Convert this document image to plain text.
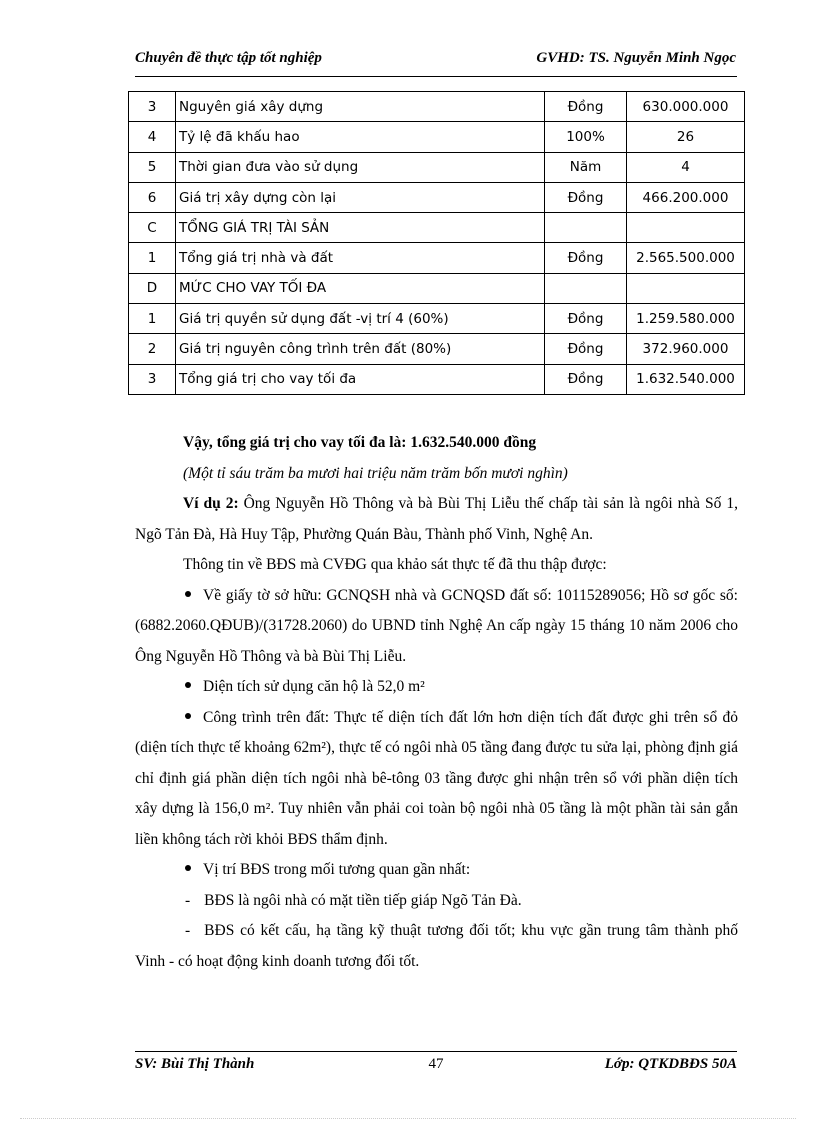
Chuyên đề thực tập tốt nghiệp	GVHD: TS. Nguyễn Minh Ngọc
3	Nguyên giá xây dựng	Đồng	630.000.000
4	Tỷ lệ đã khấu hao	100%	26
5	Thời gian đưa vào sử dụng	Năm	4
6	Giá trị xây dựng còn lại	Đồng	466.200.000
C	TỔNG GIÁ TRỊ TÀI SẢN		
1	Tổng giá trị nhà và đất	Đồng	2.565.500.000
D	MỨC CHO VAY TỐI ĐA		
1	Giá trị quyền sử dụng đất -vị trí 4 (60%)	Đồng	1.259.580.000
2	Giá trị nguyên công trình trên đất (80%)	Đồng	372.960.000
3	Tổng giá trị cho vay tối đa	Đồng	1.632.540.000

Vậy, tổng giá trị cho vay tối đa là: 1.632.540.000 đồng

(Một tỉ sáu trăm ba mươi hai triệu năm trăm bốn mươi nghìn)

Ví dụ 2: Ông Nguyễn Hồ Thông và bà Bùi Thị Liễu thế chấp tài sản là ngôi nhà Số 1, Ngõ Tản Đà, Hà Huy Tập, Phường Quán Bàu, Thành phố Vinh, Nghệ An.

Thông tin về BĐS mà CVĐG qua khảo sát thực tế đã thu thập được:

Về giấy tờ sở hữu: GCNQSH nhà và GCNQSD đất số: 10115289056; Hồ sơ gốc số: (6882.2060.QĐUB)/(31728.2060) do UBND tỉnh Nghệ An cấp ngày 15 tháng 10 năm 2006 cho Ông Nguyễn Hồ Thông và bà Bùi Thị Liễu.

Diện tích sử dụng căn hộ là 52,0 m²

Công trình trên đất: Thực tế diện tích đất lớn hơn diện tích đất được ghi trên sổ đỏ (diện tích thực tế khoảng 62m²), thực tế có ngôi nhà 05 tầng đang được tu sửa lại, phòng định giá chỉ định giá phần diện tích ngôi nhà bê-tông 03 tầng được ghi nhận trên sổ với phần diện tích xây dựng là 156,0 m². Tuy nhiên vẫn phải coi toàn bộ ngôi nhà 05 tầng là một phần tài sản gắn liền không tách rời khỏi BĐS thẩm định.

Vị trí BĐS trong mối tương quan gần nhất:

- BĐS là ngôi nhà có mặt tiền tiếp giáp Ngõ Tản Đà.

- BĐS có kết cấu, hạ tầng kỹ thuật tương đối tốt; khu vực gần trung tâm thành phố Vinh - có hoạt động kinh doanh tương đối tốt.

SV: Bùi Thị Thành	47	Lớp: QTKDBĐS 50A
